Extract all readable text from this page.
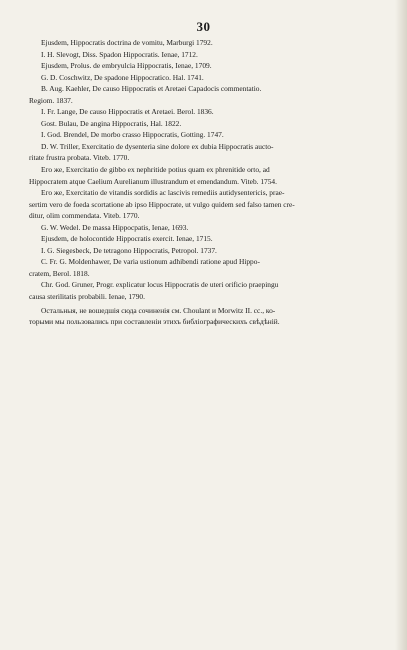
30
Ejusdem, Hippocratis doctrina de vomitu, Marburgi 1792.
I. H. Slevogt, Diss. Spadon Hippocratis. Ienae, 1712.
Ejusdem, Prolus. de embryulcia Hippocratis, Ienae, 1709.
G. D. Coschwitz, De spadone Hippocratico. Hal. 1741.
B. Aug. Kaehler, De causo Hippocratis et Aretaei Capadocis commentatio.
Regiom. 1837.
I. Fr. Lange, De causo Hippocratis et Aretaei. Berol. 1836.
Gost. Bulau, De angina Hippocratis, Hal. 1822.
I. God. Brendel, De morbo crasso Hippocratis, Gotting. 1747.
D. W. Triller, Exercitatio de dysenteria sine dolore ex dubia Hippocratis aucto-
ritate frustra probata. Viteb. 1770.
Его же, Exercitatio de gibbo ex nephritide potius quam ex phrenitide orto, ad
Hippocratem atque Caelium Aurelianum illustrandum et emendandum. Viteb. 1754.
Его же, Exercitatio de vitandis sordidis ac lascivis remediis autidysentericis, prae-
sertim vero de foeda scortatione ab ipso Hippocrate, ut vulgo quidem sed falso tamen cre-
ditur, olim commendata. Viteb. 1770.
G. W. Wedel. De massa Hippocpatis, Ienae, 1693.
Ejusdem, de holocontide Hippocratis exercit. Ienae, 1715.
I. G. Siegesbeck, De tetragono Hippocratis, Petropol. 1737.
C. Fr. G. Moldenhawer, De varia ustionum adhibendi ratione apud Hippo-
cratem, Berol. 1818.
Chr. God. Gruner, Progr. explicatur locus Hippocratis de uteri orificio praepingu
causa sterilitatis probabili. Ienae, 1790.
Остальныя, не вошедшія сюда сочиненія см. Choulant и Morwitz II. cc., ко-
торыми мы пользовались при составленіи этихъ библіографическихъ свѣдѣній.
